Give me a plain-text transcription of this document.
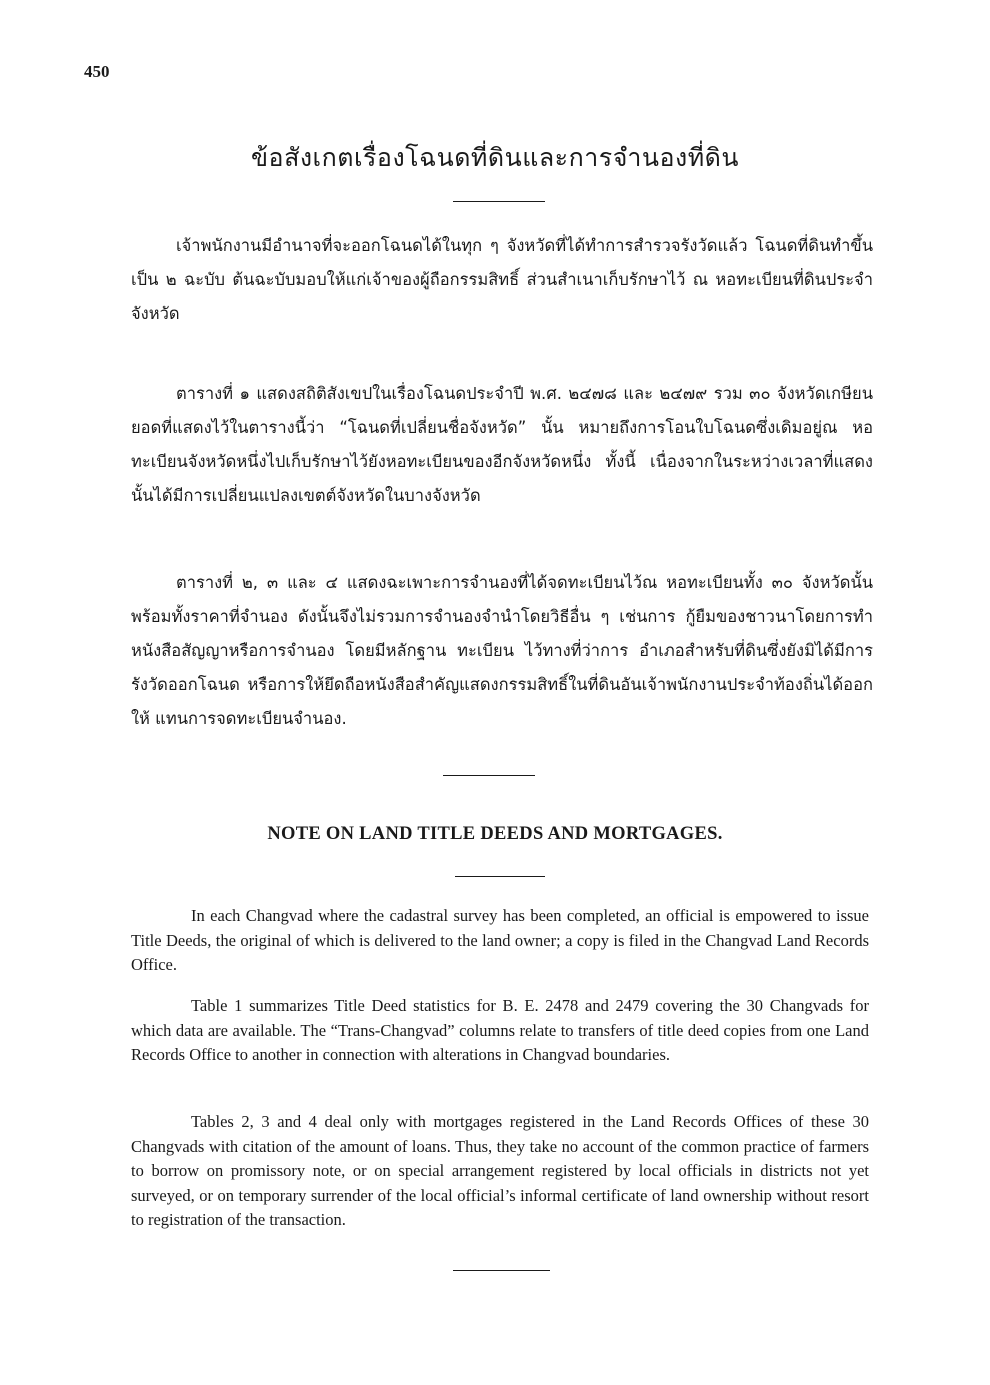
450
ข้อสังเกตเรื่องโฉนดที่ดินและการจำนองที่ดิน

เจ้าพนักงานมีอำนาจที่จะออกโฉนดได้ในทุก ๆ จังหวัดที่ได้ทำการสำรวจรังวัดแล้ว โฉนดที่ดินทำขึ้นเป็น ๒ ฉะบับ ต้นฉะบับมอบให้แก่เจ้าของผู้ถือกรรมสิทธิ์ ส่วนสำเนาเก็บรักษาไว้ ณ หอทะเบียนที่ดินประจำจังหวัด

ตารางที่ ๑ แสดงสถิติสังเขปในเรื่องโฉนดประจำปี พ.ศ. ๒๔๗๘ และ ๒๔๗๙ รวม ๓๐ จังหวัดเกษียนยอดที่แสดงไว้ในตารางนี้ว่า “โฉนดที่เปลี่ยนชื่อจังหวัด” นั้น หมายถึงการโอนใบโฉนดซึ่งเดิมอยู่ณ หอทะเบียนจังหวัดหนึ่งไปเก็บรักษาไว้ยังหอทะเบียนของอีกจังหวัดหนึ่ง ทั้งนี้ เนื่องจากในระหว่างเวลาที่แสดงนั้นได้มีการเปลี่ยนแปลงเขตต์จังหวัดในบางจังหวัด

ตารางที่ ๒, ๓ และ ๔ แสดงฉะเพาะการจำนองที่ได้จดทะเบียนไว้ณ หอทะเบียนทั้ง ๓๐ จังหวัดนั้น พร้อมทั้งราคาที่จำนอง ดังนั้นจึงไม่รวมการจำนองจำนำโดยวิธีอื่น ๆ เช่นการ กู้ยืมของชาวนาโดยการทำหนังสือสัญญาหรือการจำนอง โดยมีหลักฐาน ทะเบียน ไว้ทางที่ว่าการ อำเภอสำหรับที่ดินซึ่งยังมิได้มีการรังวัดออกโฉนด หรือการให้ยึดถือหนังสือสำคัญแสดงกรรมสิทธิ์ในที่ดินอันเจ้าพนักงานประจำท้องถิ่นได้ออกให้ แทนการจดทะเบียนจำนอง.

NOTE ON LAND TITLE DEEDS AND MORTGAGES.

In each Changvad where the cadastral survey has been completed, an official is empowered to issue Title Deeds, the original of which is delivered to the land owner; a copy is filed in the Changvad Land Records Office.

Table 1 summarizes Title Deed statistics for B. E. 2478 and 2479 covering the 30 Changvads for which data are available. The “Trans-Changvad” columns relate to transfers of title deed copies from one Land Records Office to another in connection with alterations in Changvad boundaries.

Tables 2, 3 and 4 deal only with mortgages registered in the Land Records Offices of these 30 Changvads with citation of the amount of loans. Thus, they take no account of the common practice of farmers to borrow on promissory note, or on special arrangement registered by local officials in districts not yet surveyed, or on temporary surrender of the local official’s informal certificate of land ownership without resort to registration of the transaction.
